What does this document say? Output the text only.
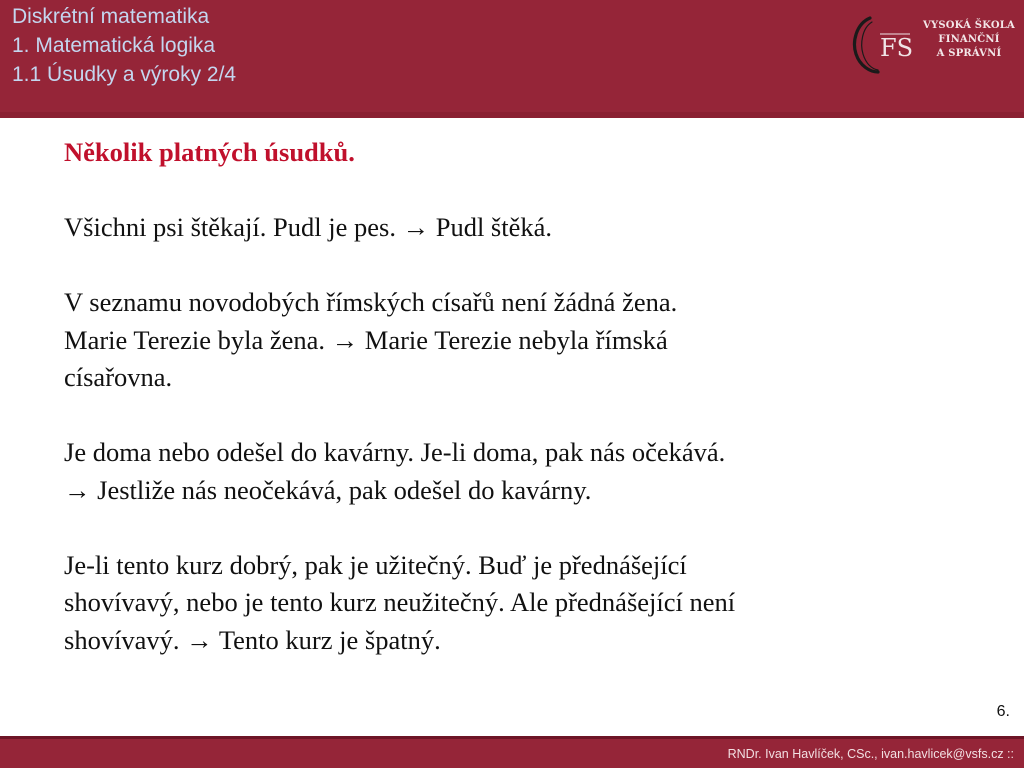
Diskrétní matematika
1. Matematická logika
1.1 Úsudky a výroky 2/4
FS
VYSOKÁ ŠKOLA
FINANČNÍ
A SPRÁVNÍ
Několik platných úsudků.
Všichni psi štěkají. Pudl je pes. → Pudl štěká.
V seznamu novodobých římských císařů není žádná žena.
Marie Terezie byla žena. → Marie Terezie nebyla římská
císařovna.
Je doma nebo odešel do kavárny. Je-li doma, pak nás očekává.
→ Jestliže nás neočekává, pak odešel do kavárny.
Je-li tento kurz dobrý, pak je užitečný. Buď je přednášející
shovívavý, nebo je tento kurz neužitečný. Ale přednášející není
shovívavý. → Tento kurz je špatný.
6.
RNDr. Ivan Havlíček, CSc., ivan.havlicek@vsfs.cz ::
